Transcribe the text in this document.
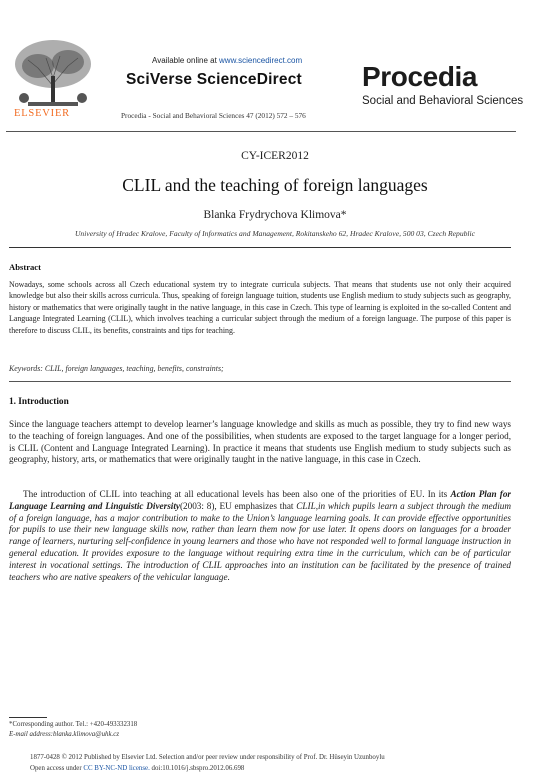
ELSEVIER
Available online at www.sciencedirect.com
SciVerse ScienceDirect
Procedia - Social and Behavioral Sciences 47 (2012) 572 – 576
Procedia
Social and Behavioral Sciences
CY-ICER2012
CLIL and the teaching of foreign languages
Blanka Frydrychova Klimova*
University of Hradec Kralove, Faculty of Informatics and Management, Rokitanskeho 62, Hradec Kralove, 500 03, Czech Republic
Abstract
Nowadays, some schools across all Czech educational system try to integrate curricula subjects. That means that students use not only their acquired knowledge but also their skills across curricula. Thus, speaking of foreign language tuition, students use English medium to study subjects such as geography, history or mathematics that were originally taught in the native language, in this case in Czech. This type of learning is exploited in the so-called Content and Language Integrated Learning (CLIL), which involves teaching a curricular subject through the medium of a foreign language. The purpose of this paper is therefore to discuss CLIL, its benefits, constraints and tips for teaching.
Keywords: CLIL, foreign languages, teaching, benefits, constraints;
1. Introduction
Since the language teachers attempt to develop learner’s language knowledge and skills as much as possible, they try to find new ways to the teaching of foreign languages. And one of the possibilities, when students are exposed to the target language for a longer period, is CLIL (Content and Language Integrated Learning). In practice it means that students use English medium to study subjects such as geography, history, arts, or mathematics that were originally taught in the native language, in this case in Czech.
The introduction of CLIL into teaching at all educational levels has been also one of the priorities of EU. In its Action Plan for Language Learning and Linguistic Diversity(2003: 8), EU emphasizes that CLIL,in which pupils learn a subject through the medium of a foreign language, has a major contribution to make to the Union’s language learning goals. It can provide effective opportunities for pupils to use their new language skills now, rather than learn them now for use later. It opens doors on languages for a broader range of learners, nurturing self-confidence in young learners and those who have not responded well to formal language instruction in general education. It provides exposure to the language without requiring extra time in the curriculum, which can be of particular interest in vocational settings. The introduction of CLIL approaches into an institution can be facilitated by the presence of trained teachers who are native speakers of the vehicular language.
*Corresponding author. Tel.: +420-493332318
E-mail address:blanka.klimova@uhk.cz
1877-0428 © 2012 Published by Elsevier Ltd. Selection and/or peer review under responsibility of Prof. Dr. Hüseyin Uzunboylu
Open access under CC BY-NC-ND license. doi:10.1016/j.sbspro.2012.06.698
